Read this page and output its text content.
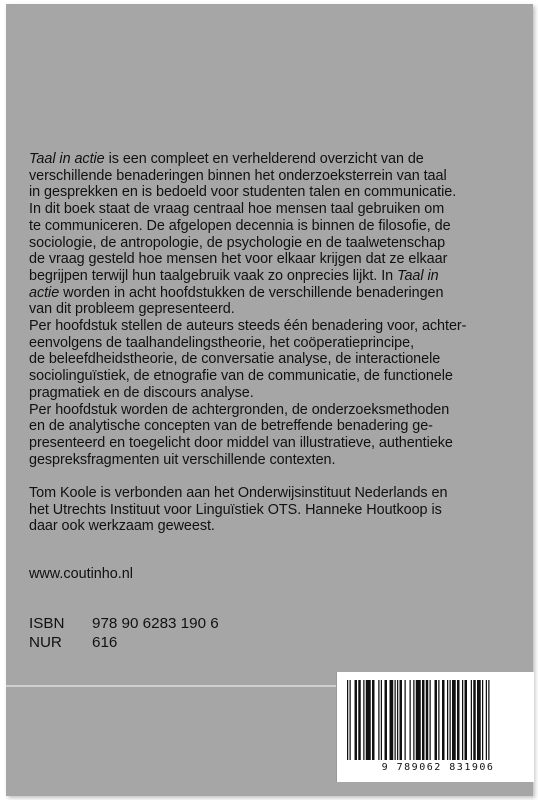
Taal in actie is een compleet en verhelderend overzicht van de

verschillende benaderingen binnen het onderzoeksterrein van taal

in gesprekken en is bedoeld voor studenten talen en communicatie.

In dit boek staat de vraag centraal hoe mensen taal gebruiken om

te communiceren. De afgelopen decennia is binnen de filosofie, de

sociologie, de antropologie, de psychologie en de taalwetenschap

de vraag gesteld hoe mensen het voor elkaar krijgen dat ze elkaar

begrijpen terwijl hun taalgebruik vaak zo onprecies lijkt. In Taal in

actie worden in acht hoofdstukken de verschillende benaderingen

van dit probleem gepresenteerd.

Per hoofdstuk stellen de auteurs steeds één benadering voor, achter-

eenvolgens de taalhandelingstheorie, het coöperatieprincipe,

de beleefdheidstheorie, de conversatie analyse, de interactionele

sociolinguïstiek, de etnografie van de communicatie, de functionele

pragmatiek en de discours analyse.

Per hoofdstuk worden de achtergronden, de onderzoeksmethoden

en de analytische concepten van de betreffende benadering ge-

presenteerd en toegelicht door middel van illustratieve, authentieke

gespreksfragmenten uit verschillende contexten.

Tom Koole is verbonden aan het Onderwijsinstituut Nederlands en

het Utrechts Instituut voor Linguïstiek OTS. Hanneke Houtkoop is

daar ook werkzaam geweest.

www.coutinho.nl
ISBN 978 90 6283 190 6
NUR 616
9 789062 831906
